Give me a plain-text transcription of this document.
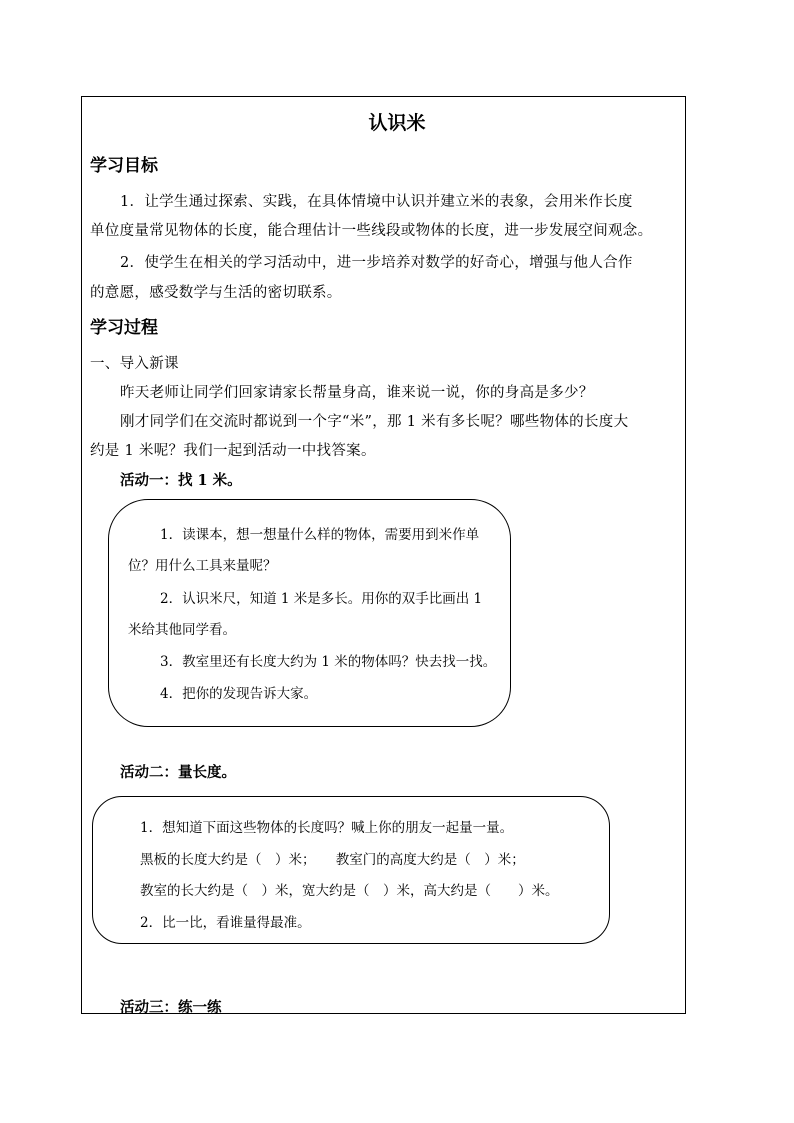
认识米
学习目标
1．让学生通过探索、实践，在具体情境中认识并建立米的表象，会用米作长度
单位度量常见物体的长度，能合理估计一些线段或物体的长度，进一步发展空间观念。
2．使学生在相关的学习活动中，进一步培养对数学的好奇心，增强与他人合作
的意愿，感受数学与生活的密切联系。
学习过程
一、导入新课
昨天老师让同学们回家请家长帮量身高，谁来说一说，你的身高是多少？
刚才同学们在交流时都说到一个字“米”，那 1 米有多长呢？哪些物体的长度大
约是 1 米呢？我们一起到活动一中找答案。
活动一：找 1 米。
1．读课本，想一想量什么样的物体，需要用到米作单
位？用什么工具来量呢？
2．认识米尺，知道 1 米是多长。用你的双手比画出 1
米给其他同学看。
3．教室里还有长度大约为 1 米的物体吗？快去找一找。
4．把你的发现告诉大家。
活动二：量长度。
1．想知道下面这些物体的长度吗？喊上你的朋友一起量一量。
黑板的长度大约是（　）米；　　教室门的高度大约是（　）米；
教室的长大约是（　）米，宽大约是（　）米，高大约是（　　）米。
2．比一比，看谁量得最准。
活动三：练一练
